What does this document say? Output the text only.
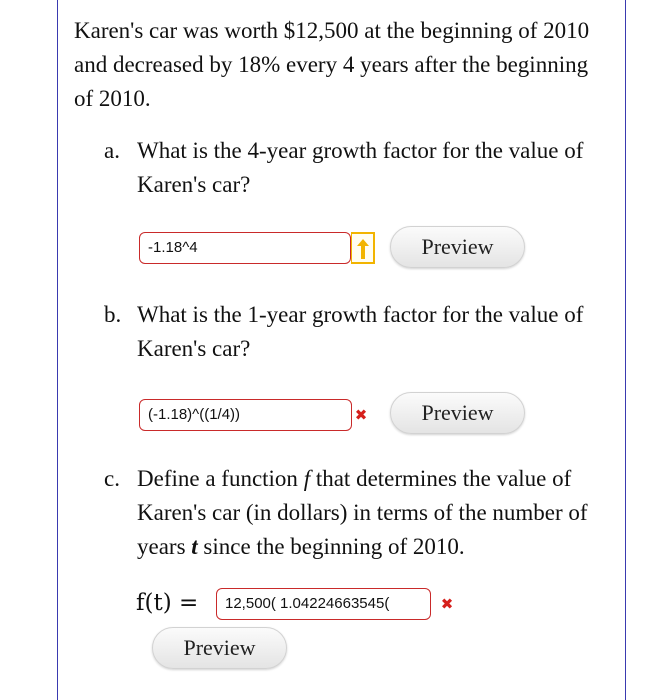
Karen's car was worth $12,500 at the beginning of 2010 and decreased by 18% every 4 years after the beginning of 2010.

a. What is the 4-year growth factor for the value of Karen's car?
-1.18^4	Preview
b. What is the 1-year growth factor for the value of Karen's car?
(-1.18)^((1/4))	✖	Preview
c. Define a function f that determines the value of Karen's car (in dollars) in terms of the number of years t since the beginning of 2010.
f(t) =	12,500( 1.04224663545(	✖
Preview
